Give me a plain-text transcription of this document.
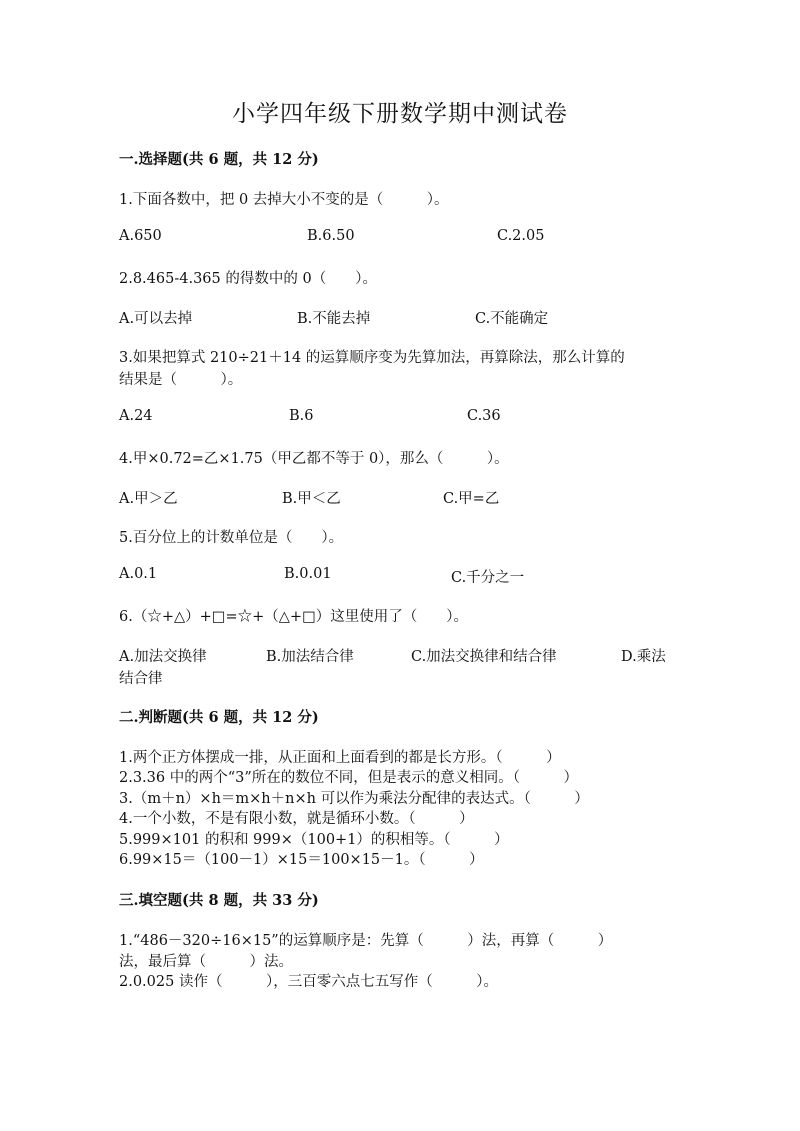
小学四年级下册数学期中测试卷
一.选择题(共 6 题，共 12 分)
1.下面各数中，把 0 去掉大小不变的是（　　　）。
A.650	B.6.50	C.2.05
2.8.465-4.365 的得数中的 0（　　）。
A.可以去掉	B.不能去掉	C.不能确定
3.如果把算式 210÷21＋14 的运算顺序变为先算加法，再算除法，那么计算的
结果是（　　　）。
A.24	B.6	C.36
4.甲×0.72=乙×1.75（甲乙都不等于 0），那么（　　　）。
A.甲＞乙	B.甲＜乙	C.甲=乙
5.百分位上的计数单位是（　　）。
A.0.1	B.0.01	C.千分之一
6.（☆+△）+□=☆+（△+□）这里使用了（　　）。
A.加法交换律	B.加法结合律	C.加法交换律和结合律	D.乘法
结合律
二.判断题(共 6 题，共 12 分)
1.两个正方体摆成一排，从正面和上面看到的都是长方形。（　　　）
2.3.36 中的两个“3”所在的数位不同，但是表示的意义相同。（　　　）
3.（m＋n）×h＝m×h＋n×h 可以作为乘法分配律的表达式。（　　　）
4.一个小数，不是有限小数，就是循环小数。（　　　）
5.999×101 的积和 999×（100+1）的积相等。（　　　）
6.99×15＝（100－1）×15＝100×15－1。（　　　）
三.填空题(共 8 题，共 33 分)
1.“486－320÷16×15”的运算顺序是：先算（　　　）法，再算（　　　）
法，最后算（　　　）法。
2.0.025 读作（　　　），三百零六点七五写作（　　　）。
